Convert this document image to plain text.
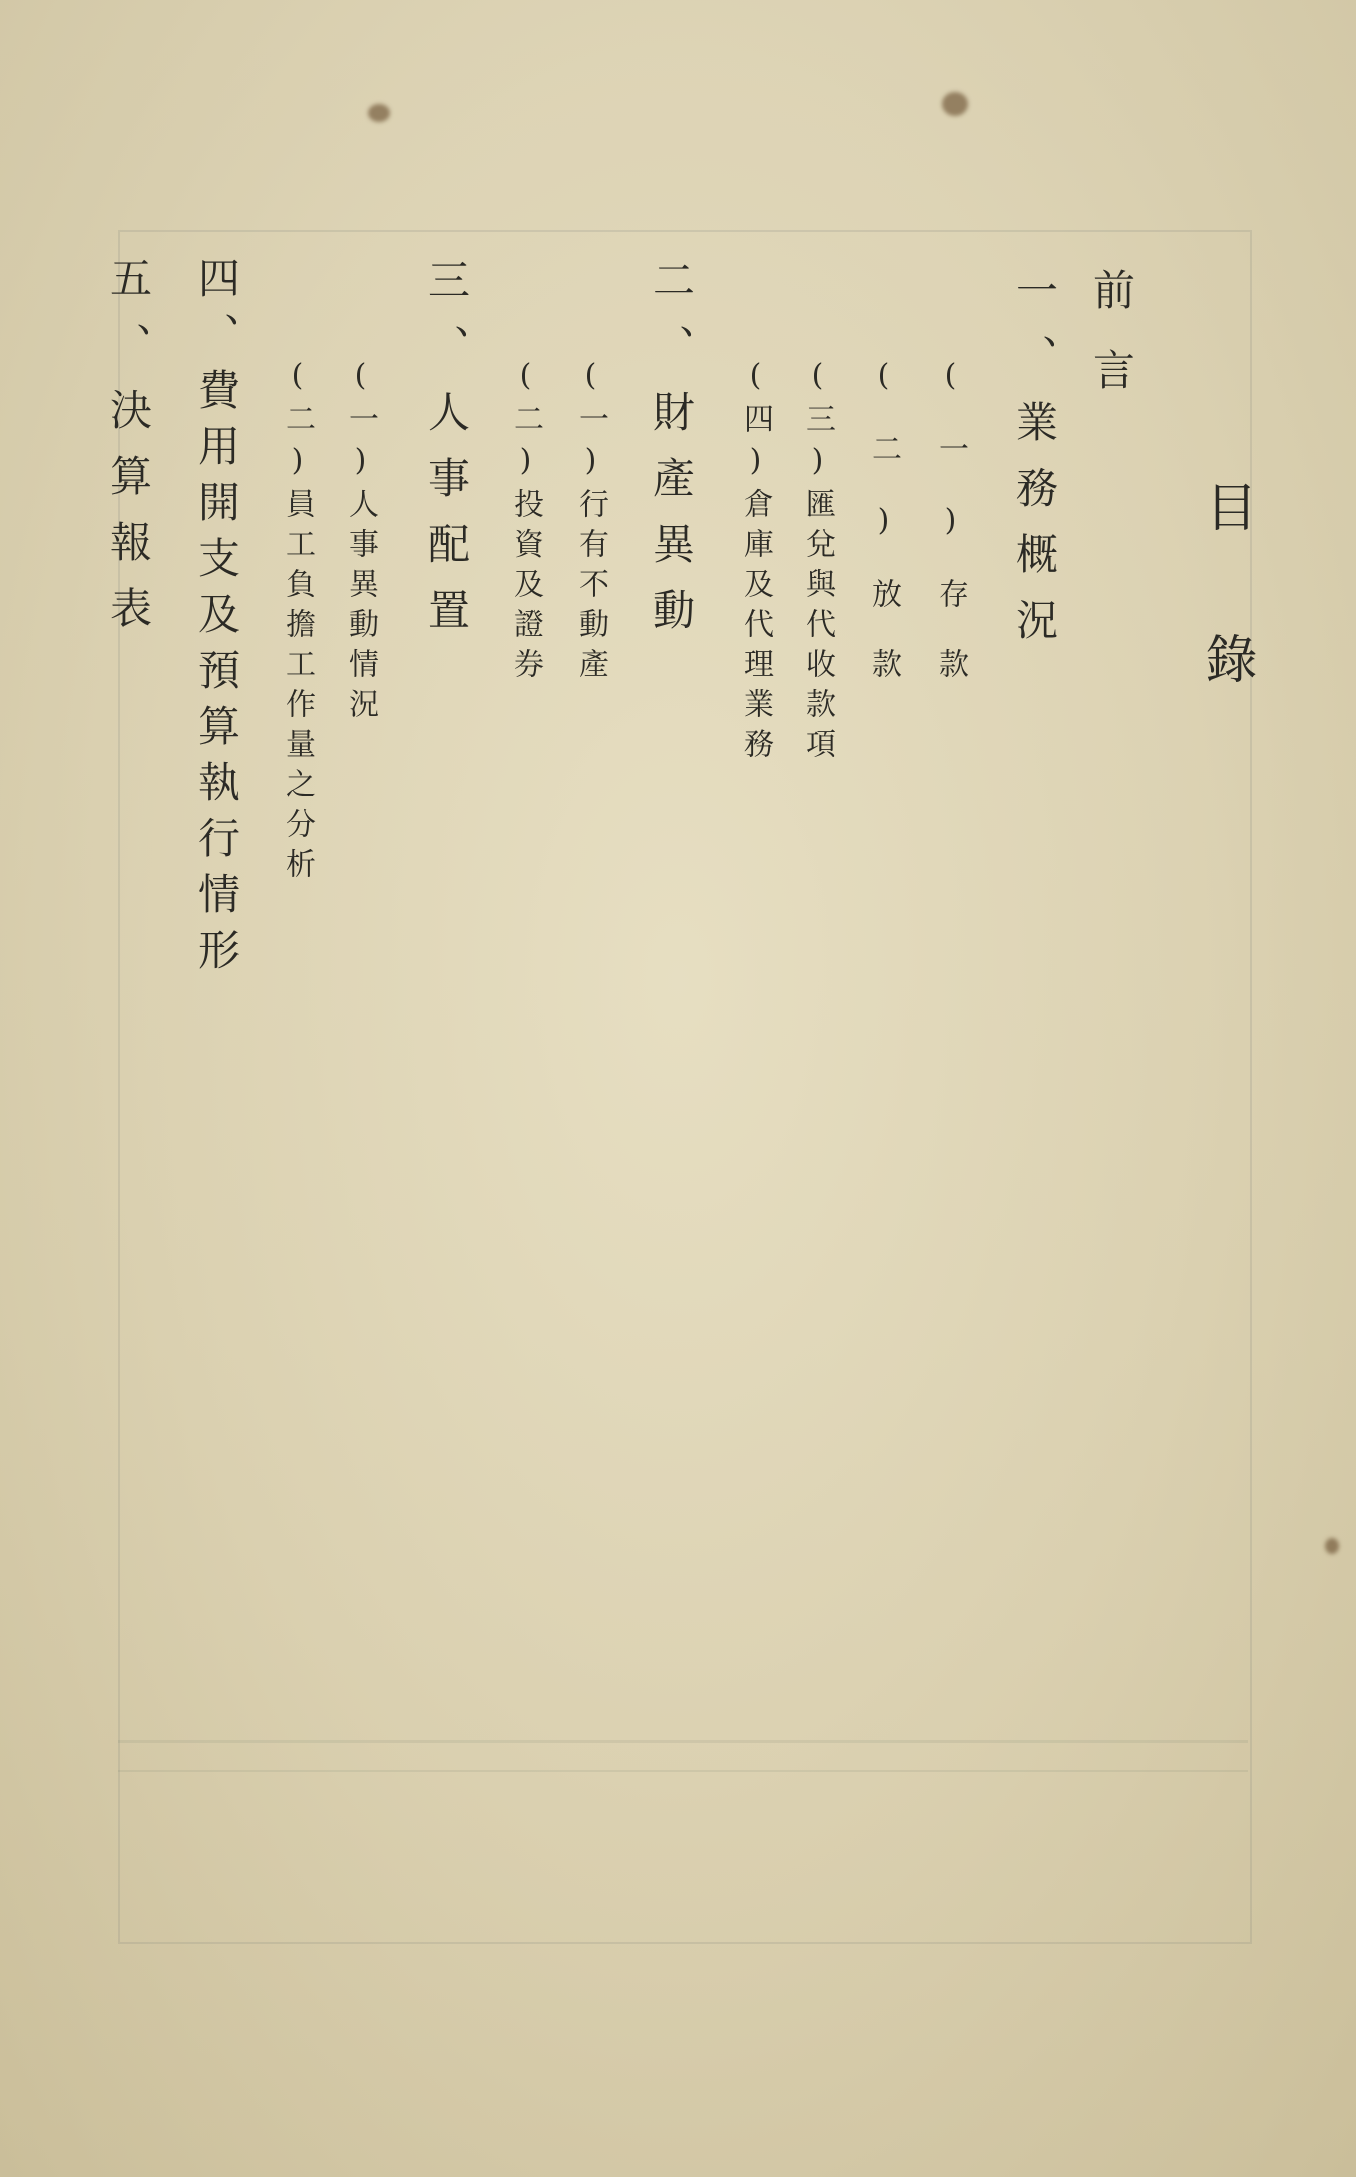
目錄
前言
一、業務概況
(一)存款
(二)放款
(三)匯兌與代收款項
(四)倉庫及代理業務
二、財產異動
(一)行有不動產
(二)投資及證券
三、人事配置
(一)人事異動情況
(二)員工負擔工作量之分析
四、費用開支及預算執行情形
五、決算報表
